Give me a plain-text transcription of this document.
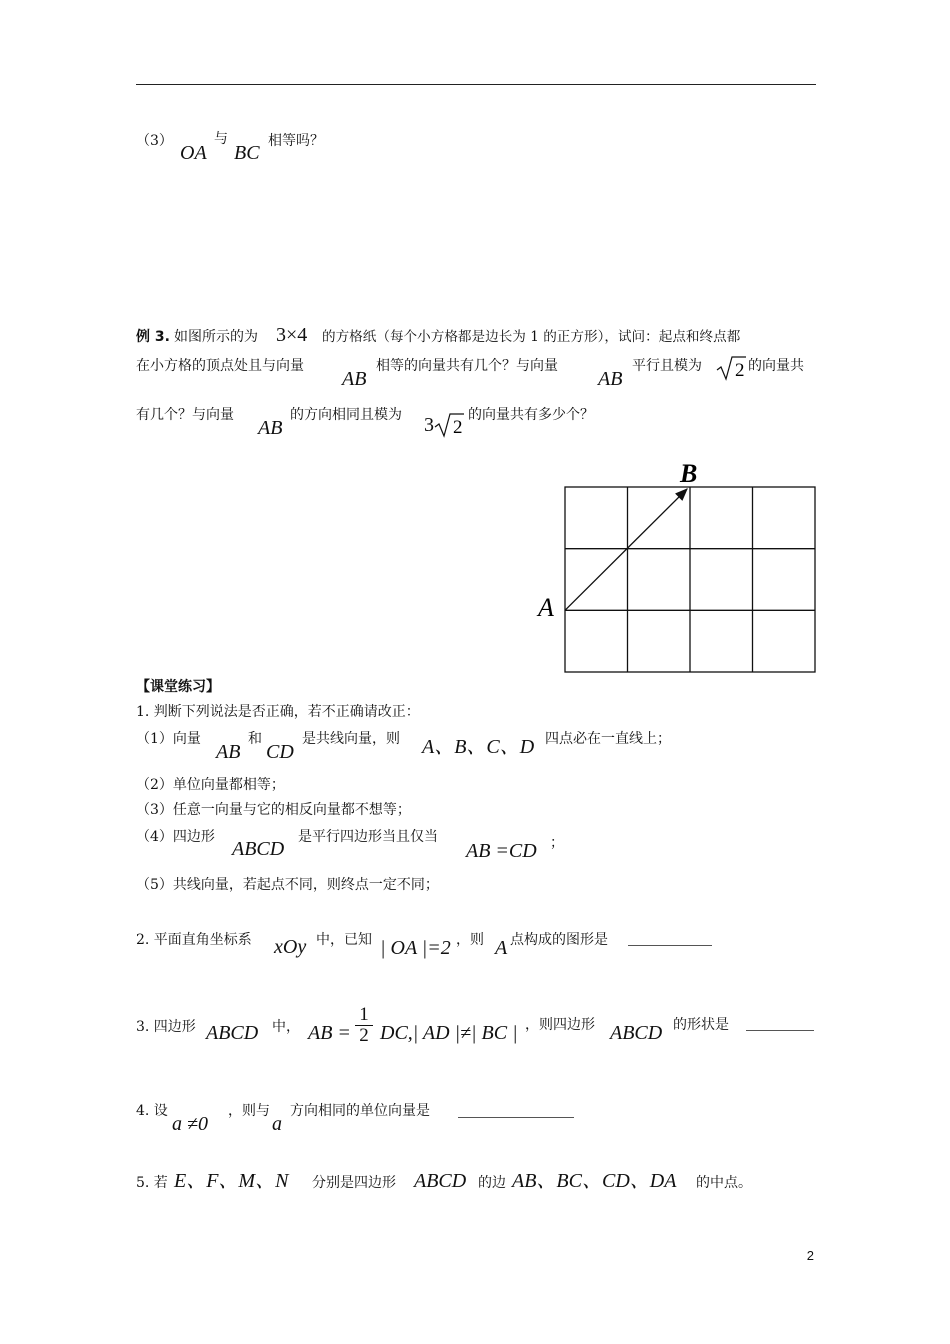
（3）
OA
与
BC
相等吗？
例 3. 如图所示的为 3×4 的方格纸（每个小方格都是边长为 1 的正方形），试问：起点和终点都
在小方格的顶点处且与向量
AB
相等的向量共有几个？与向量
AB
平行且模为 2 的向量共
有几个？与向量
AB
的方向相同且模为 3 2
的向量共有多少个？
A
B
【课堂练习】
1. 判断下列说法是否正确，若不正确请改正：
（1）向量
AB
和
CD
是共线向量，则 A、B、C、D 四点必在一直线上；
（2）单位向量都相等；
（3）任意一向量与它的相反向量都不想等；
（4）四边形
ABCD
是平行四边形当且仅当
AB =CD ；
（5）共线向量，若起点不同，则终点一定不同；
2. 平面直角坐标系 xOy 中，已知 | OA |=2 ，则 A 点构成的图形是
3. 四边形 ABCD 中， AB =
1
2 DC,| AD |≠| BC | ，则四边形 ABCD 的形状是
4. 设
a ≠0
，则与
a
方向相同的单位向量是
5. 若 E、F、M、N 分别是四边形 ABCD 的边 AB、BC、CD、DA 的中点。
2
